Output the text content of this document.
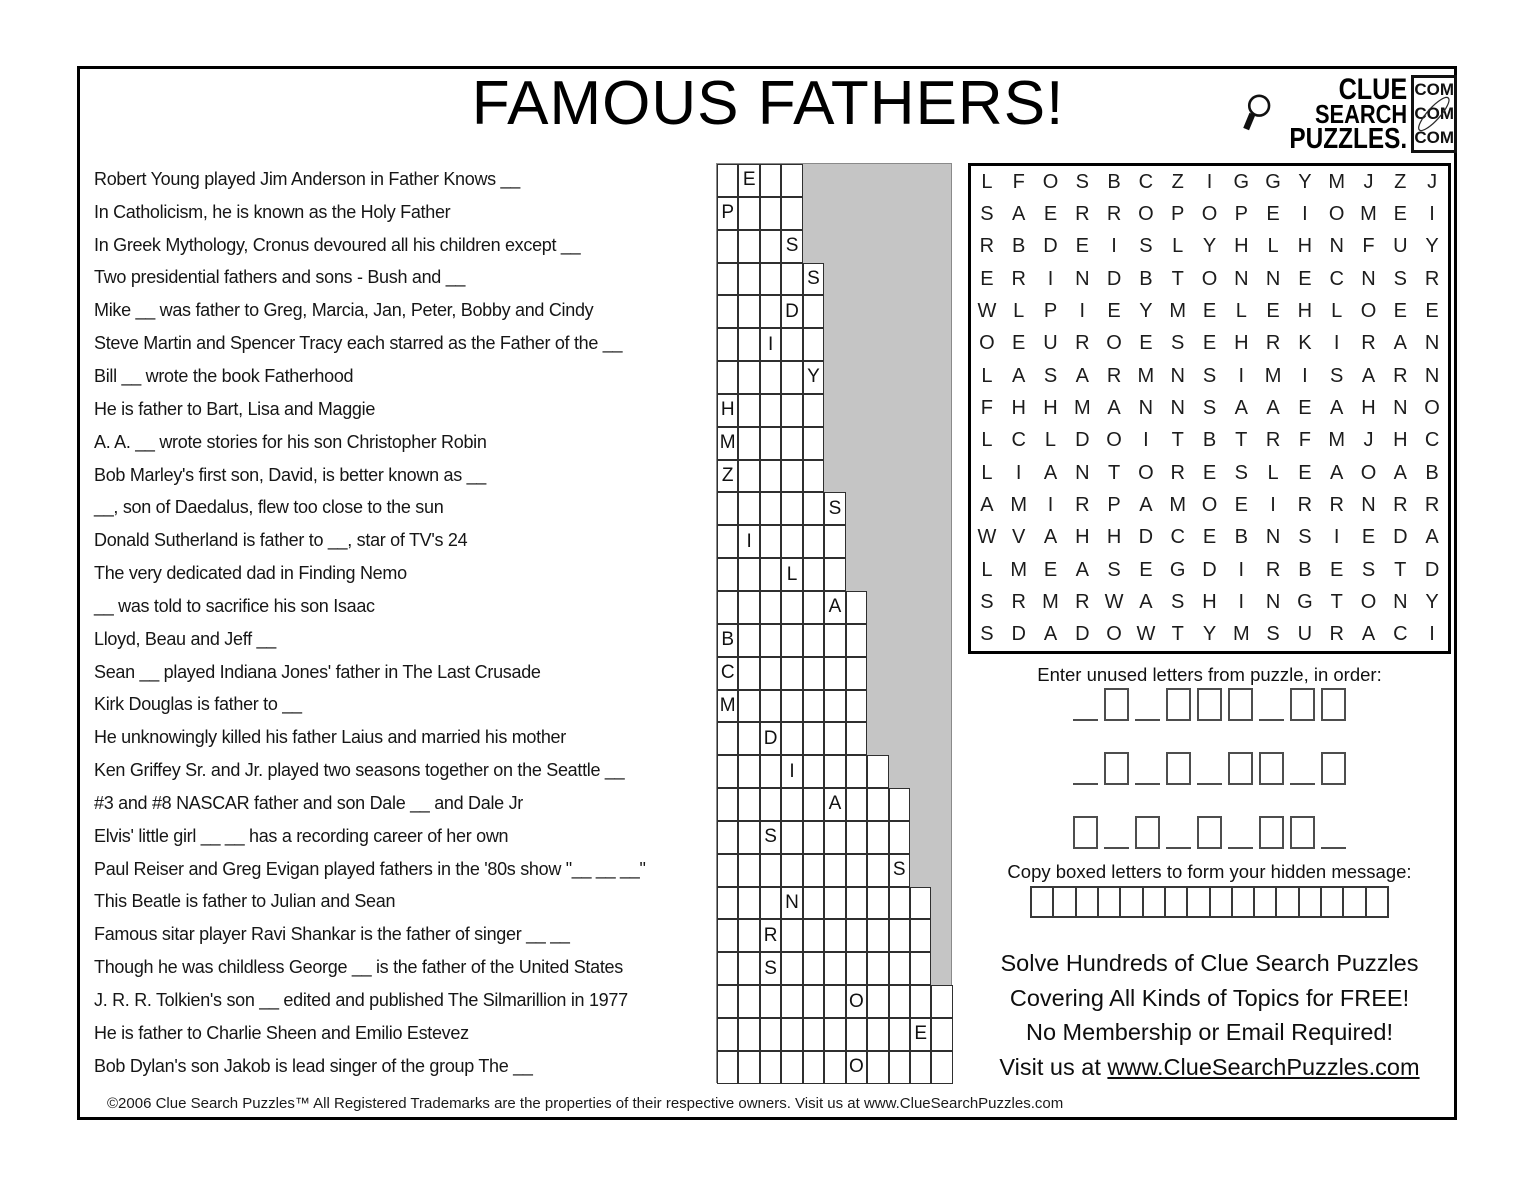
FAMOUS FATHERS!	CLUE
SEARCH
PUZZLES.
C O M
C O M
C O M
Robert Young played Jim Anderson in Father Knows __
In Catholicism, he is known as the Holy Father
In Greek Mythology, Cronus devoured all his children except __
Two presidential fathers and sons - Bush and __
Mike __ was father to Greg, Marcia, Jan, Peter, Bobby and Cindy
Steve Martin and Spencer Tracy each starred as the Father of the __
Bill __ wrote the book Fatherhood
He is father to Bart, Lisa and Maggie
A. A. __ wrote stories for his son Christopher Robin
Bob Marley's first son, David, is better known as __
__, son of Daedalus, flew too close to the sun
Donald Sutherland is father to __, star of TV's 24
The very dedicated dad in Finding Nemo
__ was told to sacrifice his son Isaac
Lloyd, Beau and Jeff __
Sean __ played Indiana Jones' father in The Last Crusade
Kirk Douglas is father to __
He unknowingly killed his father Laius and married his mother
Ken Griffey Sr. and Jr. played two seasons together on the Seattle __
#3 and #8 NASCAR father and son Dale __ and Dale Jr
Elvis' little girl __ __ has a recording career of her own
Paul Reiser and Greg Evigan played fathers in the '80s show "__ __ __"
This Beatle is father to Julian and Sean
Famous sitar player Ravi Shankar is the father of singer __ __
Though he was childless George __ is the father of the United States
J. R. R. Tolkien's son __ edited and published The Silmarillion in 1977
He is father to Charlie Sheen and Emilio Estevez
Bob Dylan's son Jakob is lead singer of the group The __
E
P
S
S
D
I
Y
H
M
Z
S
I
L
A
B
C
M
D
I
A
S
S
N
R
S
O
E
O
L F O S B C Z I G G Y M J Z J
S A E R R O P O P E I O M E I
R B D E I S L Y H L H N F U Y
E R I N D B T O N N E C N S R
W L P I E Y M E L E H L O E E
O E U R O E S E H R K I R A N
L A S A R M N S I M I S A R N
F H H M A N N S A A E A H N O
L C L D O I T B T R F M J H C
L I A N T O R E S L E A O A B
A M I R P A M O E I R R N R R
W V A H H D C E B N S I E D A
L M E A S E G D I R B E S T D
S R M R W A S H I N G T O N Y
S D A D O W T Y M S U R A C I
Enter unused letters from puzzle, in order:
Copy boxed letters to form your hidden message:
Solve Hundreds of Clue Search Puzzles
Covering All Kinds of Topics for FREE!
No Membership or Email Required!
Visit us at www.ClueSearchPuzzles.com
©2006 Clue Search Puzzles™ All Registered Trademarks are the properties of their respective owners. Visit us at www.ClueSearchPuzzles.com
